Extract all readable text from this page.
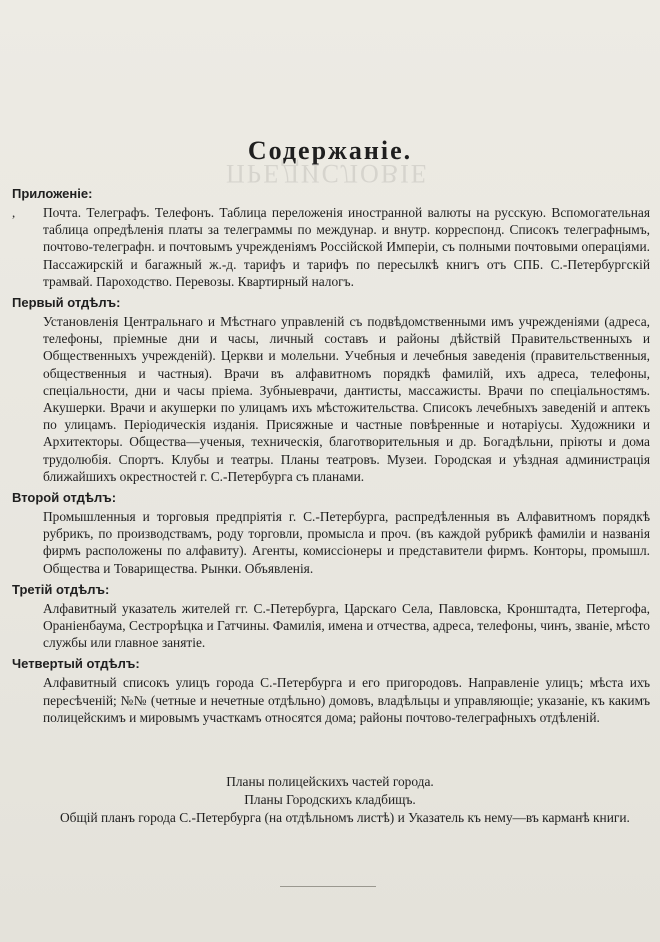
ПРЕДИСЛОВІЕ
Содержаніе.
Приложеніе:
, Почта. Телеграфъ. Телефонъ. Таблица переложенія иностранной валюты на русскую. Вспомогательная таблица опредѣленія платы за телеграммы по междунар. и внутр. корреспонд. Списокъ телеграфнымъ, почтово-телеграфн. и почтовымъ учрежденіямъ Россійской Имперіи, съ полными почтовыми операціями. Пассажирскій и багажный ж.-д. тарифъ и тарифъ по пересылкѣ книгъ отъ СПБ. С.-Петербургскій трамвай. Пароходство. Перевозы. Квартирный налогъ.
Первый отдѣлъ:
Установленія Центральнаго и Мѣстнаго управленій съ подвѣдомственными имъ учрежденіями (адреса, телефоны, пріемные дни и часы, личный составъ и районы дѣйствій Правительственныхъ и Общественныхъ учрежденій). Церкви и молельни. Учебныя и лечебныя заведенія (правительственныя, общественныя и частныя). Врачи въ алфавитномъ порядкѣ фамилій, ихъ адреса, телефоны, спеціальности, дни и часы пріема. Зубныеврачи, дантисты, массажисты. Врачи по спеціальностямъ. Акушерки. Врачи и акушерки по улицамъ ихъ мѣстожительства. Списокъ лечебныхъ заведеній и аптекъ по улицамъ. Періодическія изданія. Присяжные и частные повѣренные и нотаріусы. Художники и Архитекторы. Общества—ученыя, техническія, благотворительныя и др. Богадѣльни, пріюты и дома трудолюбія. Спортъ. Клубы и театры. Планы театровъ. Музеи. Городская и уѣздная администрація ближайшихъ окрестностей г. С.-Петербурга съ планами.
Второй отдѣлъ:
Промышленныя и торговыя предпріятія г. С.-Петербурга, распредѣленныя въ Алфавитномъ порядкѣ рубрикъ, по производствамъ, роду торговли, промысла и проч. (въ каждой рубрикѣ фамиліи и названія фирмъ расположены по алфавиту). Агенты, комиссіонеры и представители фирмъ. Конторы, промышл. Общества и Товарищества. Рынки. Объявленія.
Третій отдѣлъ:
Алфавитный указатель жителей гг. С.-Петербурга, Царскаго Села, Павловска, Кронштадта, Петергофа, Ораніенбаума, Сестрорѣцка и Гатчины. Фамилія, имена и отчества, адреса, телефоны, чинъ, званіе, мѣсто службы или главное занятіе.
Четвертый отдѣлъ:
Алфавитный списокъ улицъ города С.-Петербурга и его пригородовъ. Направленіе улицъ; мѣста ихъ пересѣченій; №№ (четные и нечетные отдѣльно) домовъ, владѣльцы и управляющіе; указаніе, къ какимъ полицейскимъ и мировымъ участкамъ относятся дома; районы почтово-телеграфныхъ отдѣленій.
Планы полицейскихъ частей города.
Планы Городскихъ кладбищъ.
Общій планъ города С.-Петербурга (на отдѣльномъ листѣ) и Указатель къ нему—въ карманѣ книги.
